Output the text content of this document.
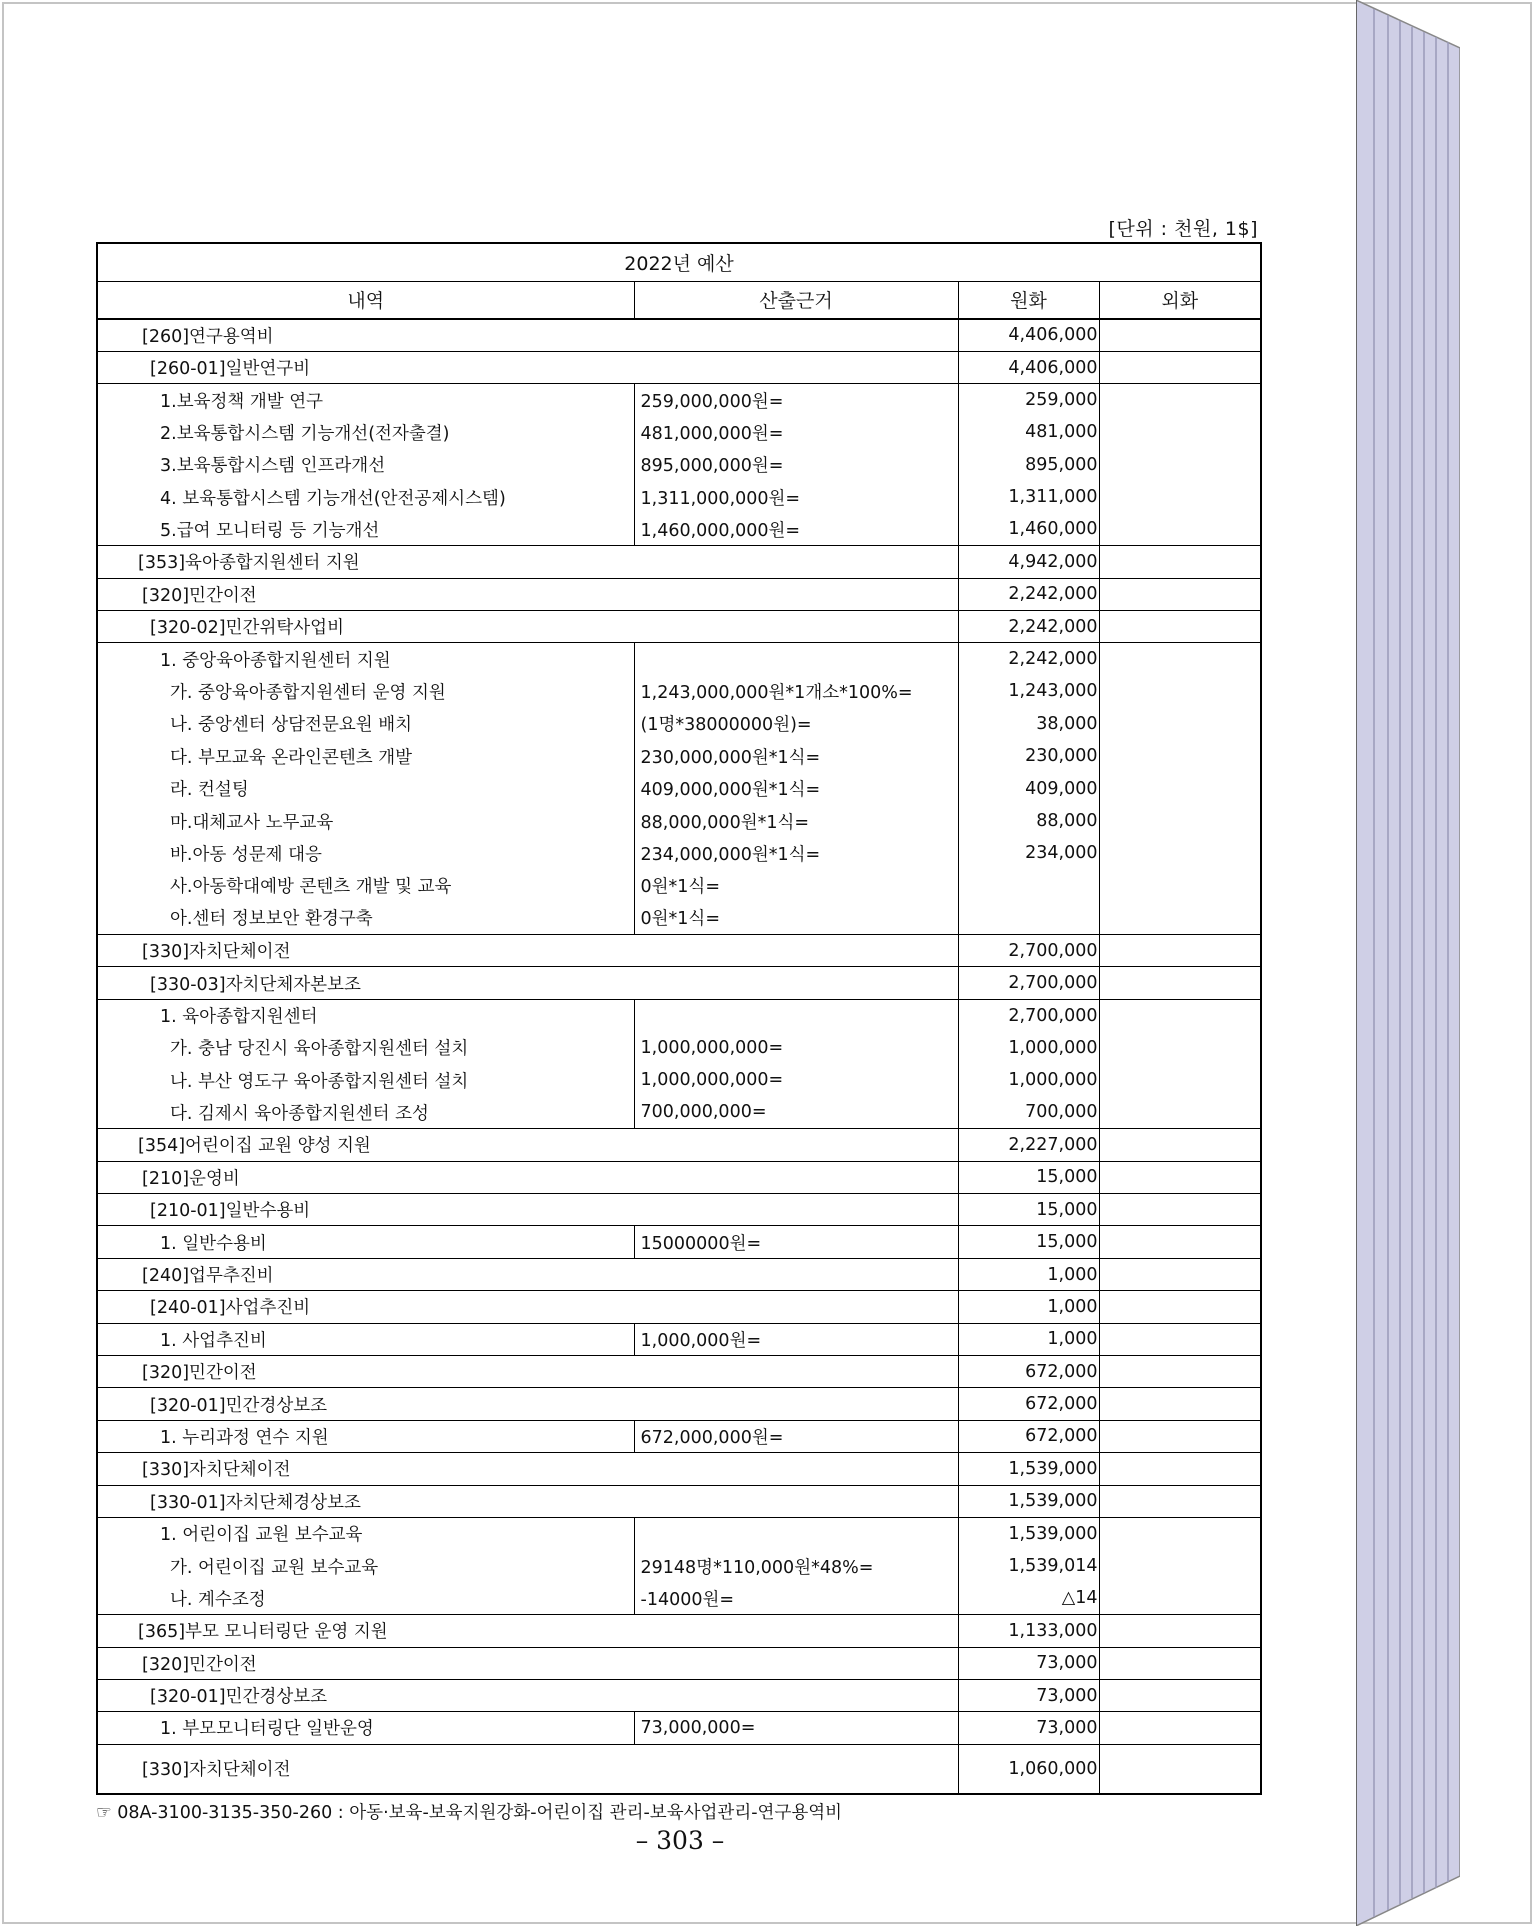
[단위 : 천원, 1$]
2022년 예산			
내역	산출근거	원화	외화
[260]연구용역비		4,406,000	
[260-01]일반연구비		4,406,000	
1.보육정책 개발 연구	259,000,000원=	259,000	
2.보육통합시스템 기능개선(전자출결)	481,000,000원=	481,000	
3.보육통합시스템 인프라개선	895,000,000원=	895,000	
4. 보육통합시스템 기능개선(안전공제시스템)	1,311,000,000원=	1,311,000	
5.급여 모니터링 등 기능개선	1,460,000,000원=	1,460,000	
[353]육아종합지원센터 지원		4,942,000	
[320]민간이전		2,242,000	
[320-02]민간위탁사업비		2,242,000	
1. 중앙육아종합지원센터 지원		2,242,000	
가. 중앙육아종합지원센터 운영 지원	1,243,000,000원*1개소*100%=	1,243,000	
나. 중앙센터 상담전문요원 배치	(1명*38000000원)=	38,000	
다. 부모교육 온라인콘텐츠 개발	230,000,000원*1식=	230,000	
라. 컨설팅	409,000,000원*1식=	409,000	
마.대체교사 노무교육	88,000,000원*1식=	88,000	
바.아동 성문제 대응	234,000,000원*1식=	234,000	
사.아동학대예방 콘텐츠 개발 및 교육	0원*1식=		
아.센터 정보보안 환경구축	0원*1식=		
[330]자치단체이전		2,700,000	
[330-03]자치단체자본보조		2,700,000	
1. 육아종합지원센터		2,700,000	
가. 충남 당진시 육아종합지원센터 설치	1,000,000,000=	1,000,000	
나. 부산 영도구 육아종합지원센터 설치	1,000,000,000=	1,000,000	
다. 김제시 육아종합지원센터 조성	700,000,000=	700,000	
[354]어린이집 교원 양성 지원		2,227,000	
[210]운영비		15,000	
[210-01]일반수용비		15,000	
1. 일반수용비	15000000원=	15,000	
[240]업무추진비		1,000	
[240-01]사업추진비		1,000	
1. 사업추진비	1,000,000원=	1,000	
[320]민간이전		672,000	
[320-01]민간경상보조		672,000	
1. 누리과정 연수 지원	672,000,000원=	672,000	
[330]자치단체이전		1,539,000	
[330-01]자치단체경상보조		1,539,000	
1. 어린이집 교원 보수교육		1,539,000	
가. 어린이집 교원 보수교육	29148명*110,000원*48%=	1,539,014	
나. 계수조정	-14000원=	△14	
[365]부모 모니터링단 운영 지원		1,133,000	
[320]민간이전		73,000	
[320-01]민간경상보조		73,000	
1. 부모모니터링단 일반운영	73,000,000=	73,000	
[330]자치단체이전		1,060,000	
☞ 08A-3100-3135-350-260 : 아동·보육-보육지원강화-어린이집 관리-보육사업관리-연구용역비
– 303 –
